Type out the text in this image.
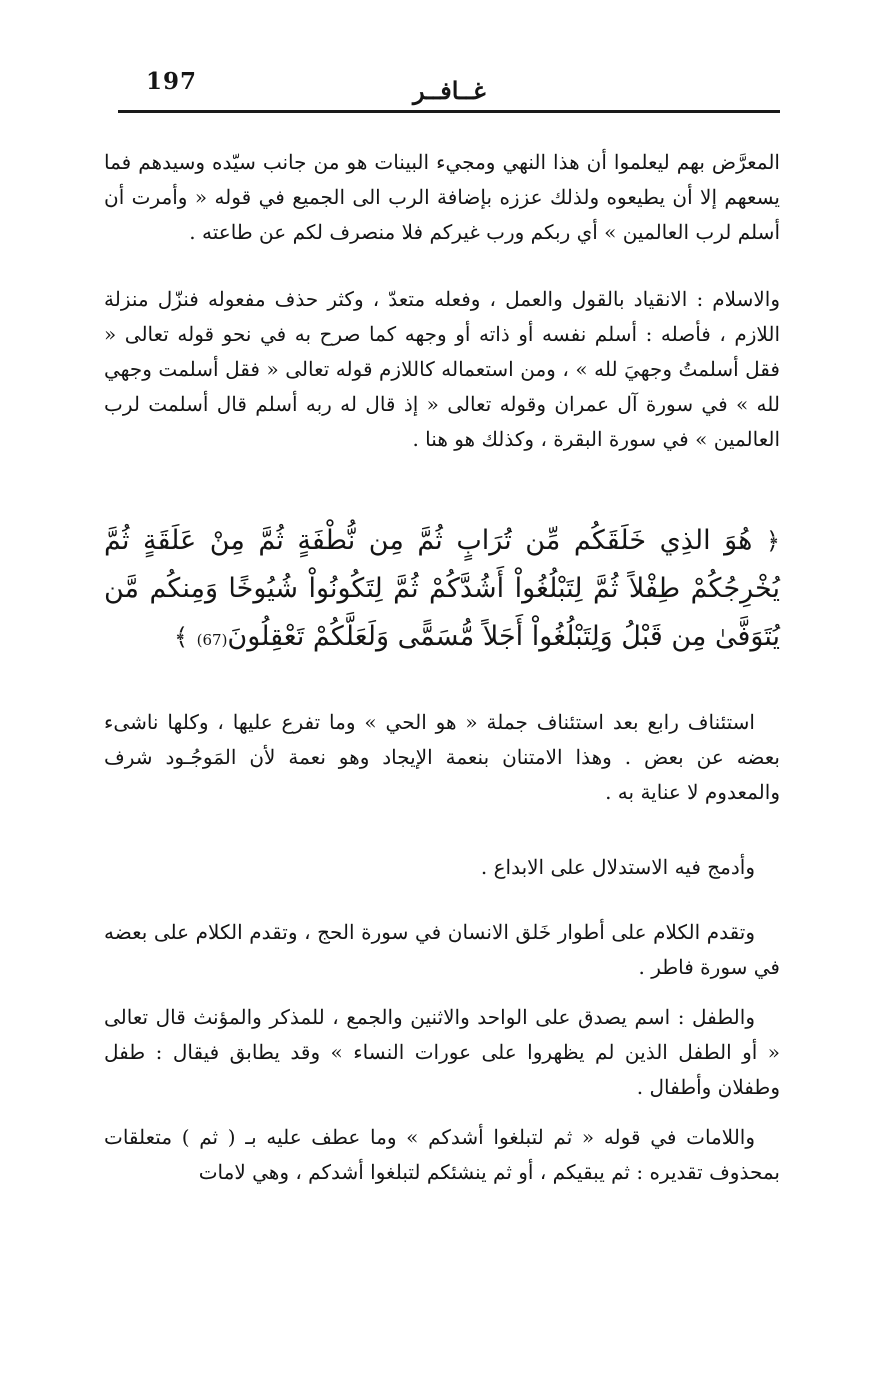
197	غــافــر

المعرَّض بهم ليعلموا أن هذا النهي ومجيء البينات هو من جانب سيّده وسيدهم فما يسعهم إلا أن يطيعوه ولذلك عززه بإضافة الرب الى الجميع في قوله « وأمرت أن أسلم لرب العالمين » أي ربكم ورب غيركم فلا منصرف لكم عن طاعته .

والاسلام : الانقياد بالقول والعمل ، وفعله متعدّ ، وكثر حذف مفعوله فنزّل منزلة اللازم ، فأصله : أسلم نفسه أو ذاته أو وجهه كما صرح به في نحو قوله تعالى « فقل أسلمتُ وجهيَ لله » ، ومن استعماله كاللازم قوله تعالى « فقل أسلمت وجهي لله » في سورة آل عمران وقوله تعالى « إذ قال له ربه أسلم قال أسلمت لرب العالمين » في سورة البقرة ، وكذلك هو هنا .

﴿ هُوَ الذِي خَلَقَكُم مِّن تُرَابٍ ثُمَّ مِن نُّطْفَةٍ ثُمَّ مِنْ عَلَقَةٍ ثُمَّ يُخْرِجُكُمْ طِفْلاً ثُمَّ لِتَبْلُغُواْ أَشُدَّكُمْ ثُمَّ لِتَكُونُواْ شُيُوخًا وَمِنكُم مَّن يُتَوَفَّىٰ مِن قَبْلُ وَلِتَبْلُغُواْ أَجَلاً مُّسَمًّى وَلَعَلَّكُمْ تَعْقِلُونَ(67) ﴾

استئناف رابع بعد استئناف جملة « هو الحي » وما تفرع عليها ، وكلها ناشىء بعضه عن بعض . وهذا الامتنان بنعمة الإيجاد وهو نعمة لأن المَوجُـود شرف والمعدوم لا عناية به .

وأدمج فيه الاستدلال على الابداع .

وتقدم الكلام على أطوار خَلق الانسان في سورة الحج ، وتقدم الكلام على بعضه في سورة فاطر .

والطفل : اسم يصدق على الواحد والاثنين والجمع ، للمذكر والمؤنث قال تعالى « أو الطفل الذين لم يظهروا على عورات النساء » وقد يطابق فيقال : طفل وطفلان وأطفال .

واللامات في قوله « ثم لتبلغوا أشدكم » وما عطف عليه بـ ( ثم ) متعلقات بمحذوف تقديره : ثم يبقيكم ، أو ثم ينشئكم لتبلغوا أشدكم ، وهي لامات
